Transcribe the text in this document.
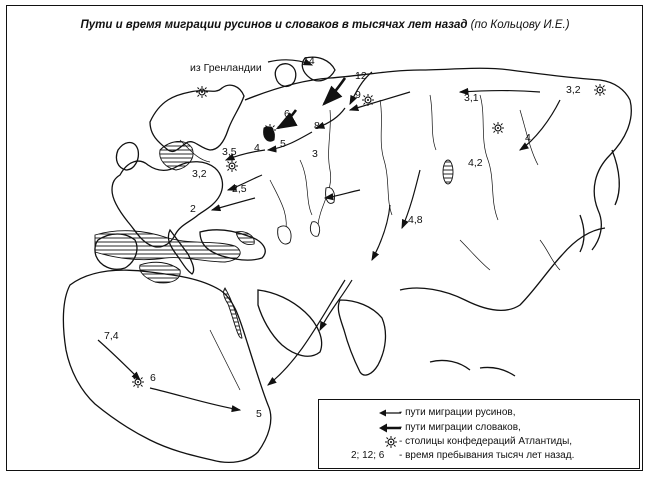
Пути и время миграции русинов и словаков в тысячах лет назад (по Кольцову И.Е.)
из Гренландии
14
12
9
8
6
5
4	3
3,5
3,2
2,5
2
3,1
3,2
4
4,2
4,8
7,4
6
5	- пути миграции русинов,
- пути миграции словаков,
- столицы конфедераций Атлантиды,
2; 12; 6 - время пребывания тысяч лет назад.
